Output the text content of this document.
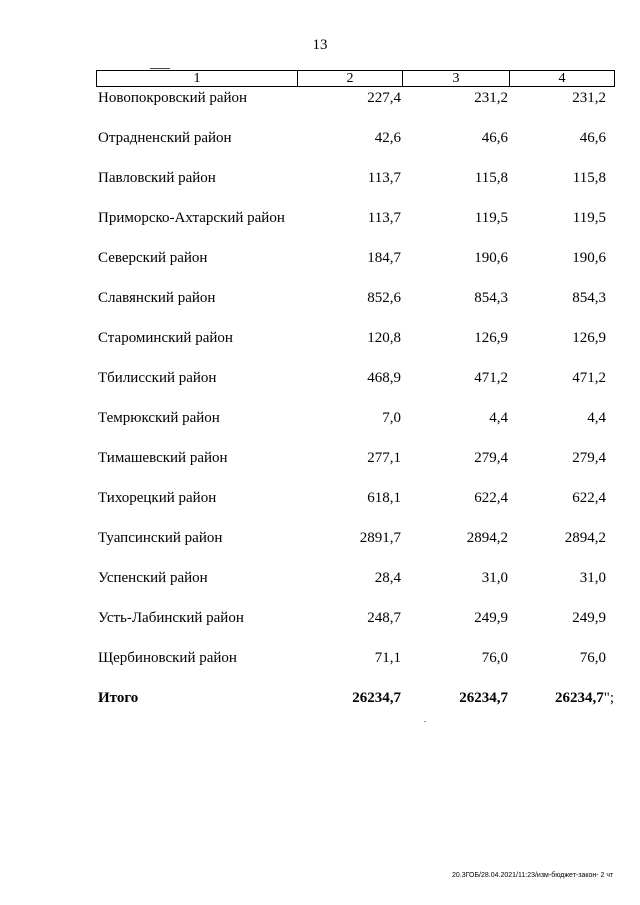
13
1	2	3	4
Новопокровский район	227,4	231,2	231,2
Отрадненский район	42,6	46,6	46,6
Павловский район	113,7	115,8	115,8
Приморско-Ахтарский район	113,7	119,5	119,5
Северский район	184,7	190,6	190,6
Славянский район	852,6	854,3	854,3
Староминский район	120,8	126,9	126,9
Тбилисский район	468,9	471,2	471,2
Темрюкский район	7,0	4,4	4,4
Тимашевский район	277,1	279,4	279,4
Тихорецкий район	618,1	622,4	622,4
Туапсинский район	2891,7	2894,2	2894,2
Успенский район	28,4	31,0	31,0
Усть-Лабинский район	248,7	249,9	249,9
Щербиновский район	71,1	76,0	76,0
Итого	26234,7	26234,7	26234,7";
20.3ГОБ/28.04.2021/11:23/изм-бюджет-закон- 2 чт
